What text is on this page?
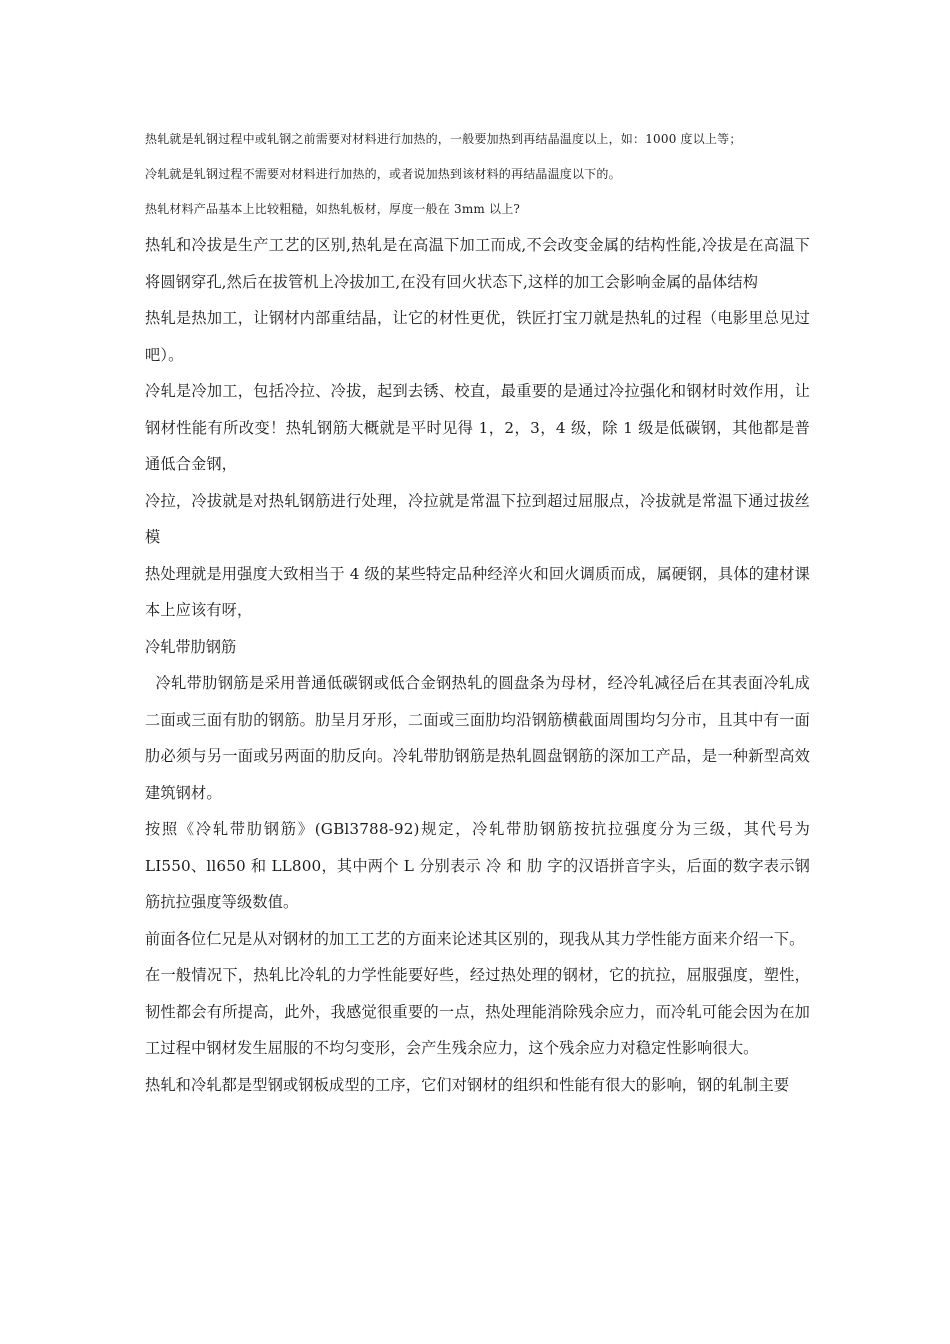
热轧就是轧钢过程中或轧钢之前需要对材料进行加热的，一般要加热到再结晶温度以上，如：1000 度以上等；

冷轧就是轧钢过程不需要对材料进行加热的，或者说加热到该材料的再结晶温度以下的。

热轧材料产品基本上比较粗糙，如热轧板材，厚度一般在 3mm 以上?

热轧和冷拔是生产工艺的区别,热轧是在高温下加工而成,不会改变金属的结构性能,冷拔是在高温下将圆钢穿孔,然后在拔管机上冷拔加工,在没有回火状态下,这样的加工会影响金属的晶体结构

热轧是热加工，让钢材内部重结晶，让它的材性更优，铁匠打宝刀就是热轧的过程（电影里总见过吧）。

冷轧是冷加工，包括冷拉、冷拔，起到去锈、校直，最重要的是通过冷拉强化和钢材时效作用，让钢材性能有所改变！热轧钢筋大概就是平时见得 1，2，3，4 级，除 1 级是低碳钢，其他都是普通低合金钢，

冷拉，冷拔就是对热轧钢筋进行处理，冷拉就是常温下拉到超过屈服点，冷拔就是常温下通过拔丝模

热处理就是用强度大致相当于 4 级的某些特定品种经淬火和回火调质而成，属硬钢，具体的建材课本上应该有呀，

冷轧带肋钢筋

冷轧带肋钢筋是采用普通低碳钢或低合金钢热轧的圆盘条为母材，经冷轧减径后在其表面冷轧成二面或三面有肋的钢筋。肋呈月牙形，二面或三面肋均沿钢筋横截面周围均匀分市，且其中有一面肋必须与另一面或另两面的肋反向。冷轧带肋钢筋是热轧圆盘钢筋的深加工产品，是一种新型高效建筑钢材。

按照《冷轧带肋钢筋》(GBl3788-92)规定，冷轧带肋钢筋按抗拉强度分为三级，其代号为 LI550、ll650 和 LL800，其中两个 L 分别表示 冷 和 肋 字的汉语拼音字头，后面的数字表示钢筋抗拉强度等级数值。

前面各位仁兄是从对钢材的加工工艺的方面来论述其区别的，现我从其力学性能方面来介绍一下。

在一般情况下，热轧比冷轧的力学性能要好些，经过热处理的钢材，它的抗拉，屈服强度，塑性，韧性都会有所提高，此外，我感觉很重要的一点，热处理能消除残余应力，而冷轧可能会因为在加工过程中钢材发生屈服的不均匀变形，会产生残余应力，这个残余应力对稳定性影响很大。

热轧和冷轧都是型钢或钢板成型的工序，它们对钢材的组织和性能有很大的影响，钢的轧制主要
